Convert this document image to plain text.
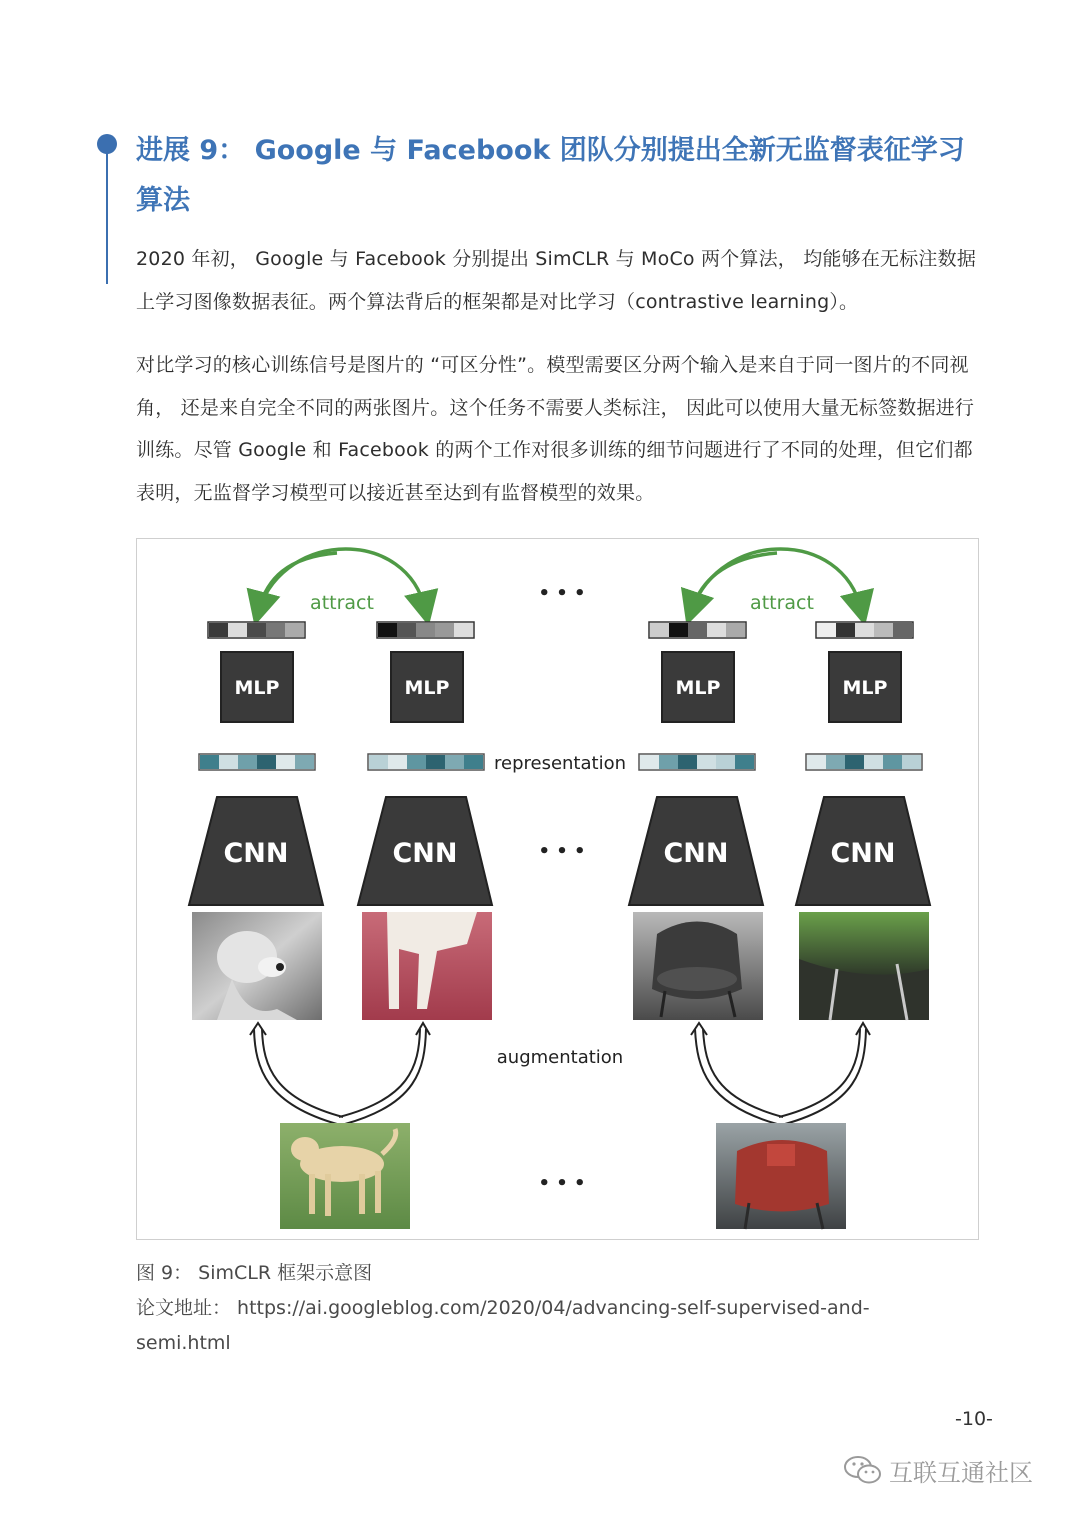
进展 9： Google 与 Facebook 团队分别提出全新无监督表征学习算法

2020 年初， Google 与 Facebook 分别提出 SimCLR 与 MoCo 两个算法， 均能够在无标注数据上学习图像数据表征。两个算法背后的框架都是对比学习（contrastive learning）。

对比学习的核心训练信号是图片的 “可区分性”。模型需要区分两个输入是来自于同一图片的不同视角， 还是来自完全不同的两张图片。这个任务不需要人类标注， 因此可以使用大量无标签数据进行训练。尽管 Google 和 Facebook 的两个工作对很多训练的细节问题进行了不同的处理，但它们都表明，无监督学习模型可以接近甚至达到有监督模型的效果。

attract	attract
• • •
MLP	MLP	MLP	MLP
representation
CNN	CNN	• • •	CNN	CNN
augmentation
• • •
图 9： SimCLR 框架示意图
论文地址： https://ai.googleblog.com/2020/04/advancing-self-supervised-and-
semi.html
-10-
互联互通社区
